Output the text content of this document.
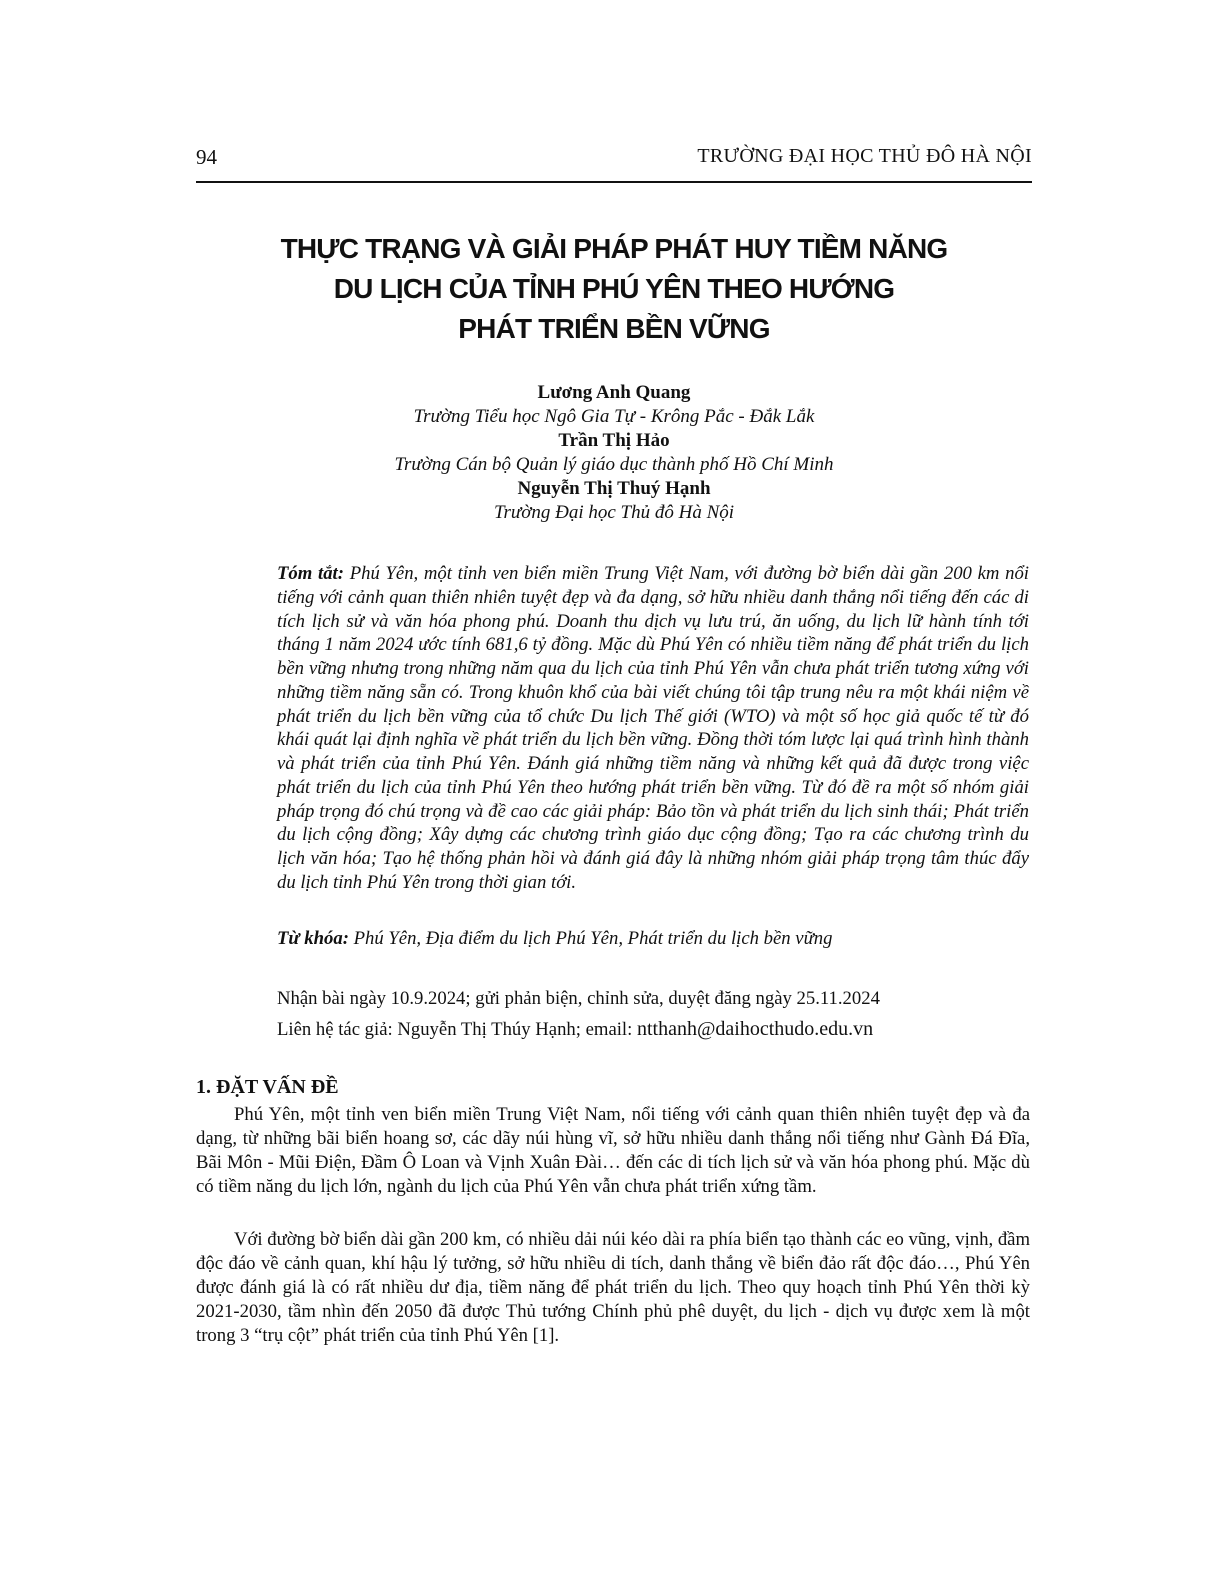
94	TRƯỜNG ĐẠI HỌC THỦ ĐÔ HÀ NỘI
THỰC TRẠNG VÀ GIẢI PHÁP PHÁT HUY TIỀM NĂNG
DU LỊCH CỦA TỈNH PHÚ YÊN THEO HƯỚNG
PHÁT TRIỂN BỀN VỮNG
Lương Anh Quang
Trường Tiểu học Ngô Gia Tự - Krông Pắc - Đắk Lắk
Trần Thị Hảo
Trường Cán bộ Quản lý giáo dục thành phố Hồ Chí Minh
Nguyễn Thị Thuý Hạnh
Trường Đại học Thủ đô Hà Nội
Tóm tắt: Phú Yên, một tỉnh ven biển miền Trung Việt Nam, với đường bờ biển dài gần 200 km nổi tiếng với cảnh quan thiên nhiên tuyệt đẹp và đa dạng, sở hữu nhiều danh thắng nổi tiếng đến các di tích lịch sử và văn hóa phong phú. Doanh thu dịch vụ lưu trú, ăn uống, du lịch lữ hành tính tới tháng 1 năm 2024 ước tính 681,6 tỷ đồng. Mặc dù Phú Yên có nhiều tiềm năng để phát triển du lịch bền vững nhưng trong những năm qua du lịch của tỉnh Phú Yên vẫn chưa phát triển tương xứng với những tiềm năng sẵn có. Trong khuôn khổ của bài viết chúng tôi tập trung nêu ra một khái niệm về phát triển du lịch bền vững của tổ chức Du lịch Thế giới (WTO) và một số học giả quốc tế từ đó khái quát lại định nghĩa về phát triển du lịch bền vững. Đồng thời tóm lược lại quá trình hình thành và phát triển của tỉnh Phú Yên. Đánh giá những tiềm năng và những kết quả đã được trong việc phát triển du lịch của tỉnh Phú Yên theo hướng phát triển bền vững. Từ đó đề ra một số nhóm giải pháp trọng đó chú trọng và đề cao các giải pháp: Bảo tồn và phát triển du lịch sinh thái; Phát triển du lịch cộng đồng; Xây dựng các chương trình giáo dục cộng đồng; Tạo ra các chương trình du lịch văn hóa; Tạo hệ thống phản hồi và đánh giá đây là những nhóm giải pháp trọng tâm thúc đẩy du lịch tỉnh Phú Yên trong thời gian tới.
Từ khóa: Phú Yên, Địa điểm du lịch Phú Yên, Phát triển du lịch bền vững
Nhận bài ngày 10.9.2024; gửi phản biện, chỉnh sửa, duyệt đăng ngày 25.11.2024
Liên hệ tác giả: Nguyễn Thị Thúy Hạnh; email: ntthanh@daihocthudo.edu.vn
1. ĐẶT VẤN ĐỀ
Phú Yên, một tỉnh ven biển miền Trung Việt Nam, nổi tiếng với cảnh quan thiên nhiên tuyệt đẹp và đa dạng, từ những bãi biển hoang sơ, các dãy núi hùng vĩ, sở hữu nhiều danh thắng nổi tiếng như Gành Đá Đĩa, Bãi Môn - Mũi Điện, Đầm Ô Loan và Vịnh Xuân Đài… đến các di tích lịch sử và văn hóa phong phú. Mặc dù có tiềm năng du lịch lớn, ngành du lịch của Phú Yên vẫn chưa phát triển xứng tầm.
Với đường bờ biển dài gần 200 km, có nhiều dải núi kéo dài ra phía biển tạo thành các eo vũng, vịnh, đầm độc đáo về cảnh quan, khí hậu lý tưởng, sở hữu nhiều di tích, danh thắng về biển đảo rất độc đáo…, Phú Yên được đánh giá là có rất nhiều dư địa, tiềm năng để phát triển du lịch. Theo quy hoạch tỉnh Phú Yên thời kỳ 2021-2030, tầm nhìn đến 2050 đã được Thủ tướng Chính phủ phê duyệt, du lịch - dịch vụ được xem là một trong 3 “trụ cột” phát triển của tỉnh Phú Yên [1].
